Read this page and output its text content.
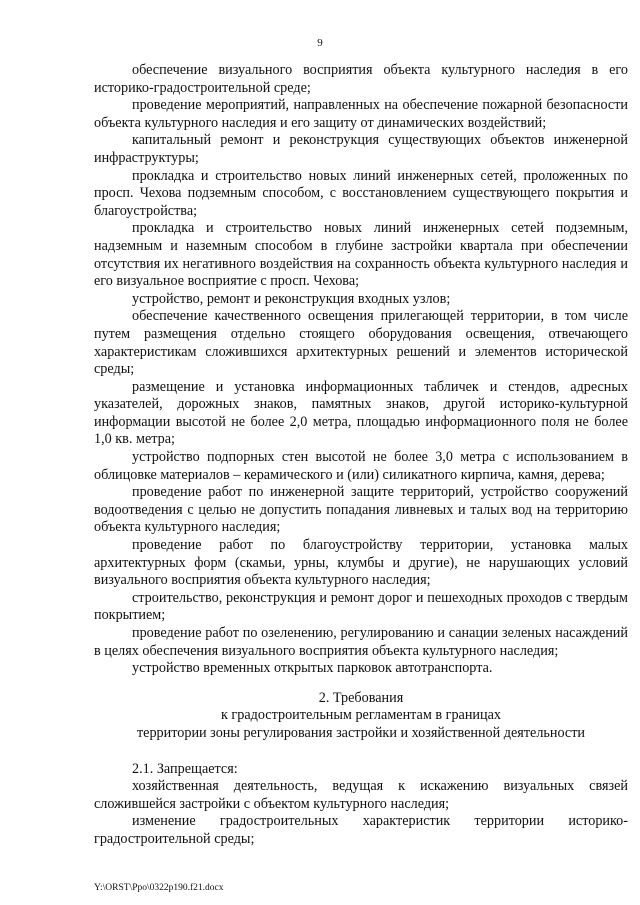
9

обеспечение визуального восприятия объекта культурного наследия в его историко-градостроительной среде;

проведение мероприятий, направленных на обеспечение пожарной безопасности объекта культурного наследия и его защиту от динамических воздействий;

капитальный ремонт и реконструкция существующих объектов инженерной инфраструктуры;

прокладка и строительство новых линий инженерных сетей, проложенных по просп. Чехова подземным способом, с восстановлением существующего покрытия и благоустройства;

прокладка и строительство новых линий инженерных сетей подземным, надземным и наземным способом в глубине застройки квартала при обеспечении отсутствия их негативного воздействия на сохранность объекта культурного наследия и его визуальное восприятие с просп. Чехова;

устройство, ремонт и реконструкция входных узлов;

обеспечение качественного освещения прилегающей территории, в том числе путем размещения отдельно стоящего оборудования освещения, отвечающего характеристикам сложившихся архитектурных решений и элементов исторической среды;

размещение и установка информационных табличек и стендов, адресных указателей, дорожных знаков, памятных знаков, другой историко-культурной информации высотой не более 2,0 метра, площадью информационного поля не более 1,0 кв. метра;

устройство подпорных стен высотой не более 3,0 метра с использованием в облицовке материалов – керамического и (или) силикатного кирпича, камня, дерева;

проведение работ по инженерной защите территорий, устройство сооружений водоотведения с целью не допустить попадания ливневых и талых вод на территорию объекта культурного наследия;

проведение работ по благоустройству территории, установка малых архитектурных форм (скамьи, урны, клумбы и другие), не нарушающих условий визуального восприятия объекта культурного наследия;

строительство, реконструкция и ремонт дорог и пешеходных проходов с твердым покрытием;

проведение работ по озеленению, регулированию и санации зеленых насаждений в целях обеспечения визуального восприятия объекта культурного наследия;

устройство временных открытых парковок автотранспорта.

2. Требования

к градостроительным регламентам в границах

территории зоны регулирования застройки и хозяйственной деятельности

2.1. Запрещается:

хозяйственная деятельность, ведущая к искажению визуальных связей сложившейся застройки с объектом культурного наследия;

изменение градостроительных характеристик территории историко-градостроительной среды;

Y:\ORST\Ppo\0322p190.f21.docx
